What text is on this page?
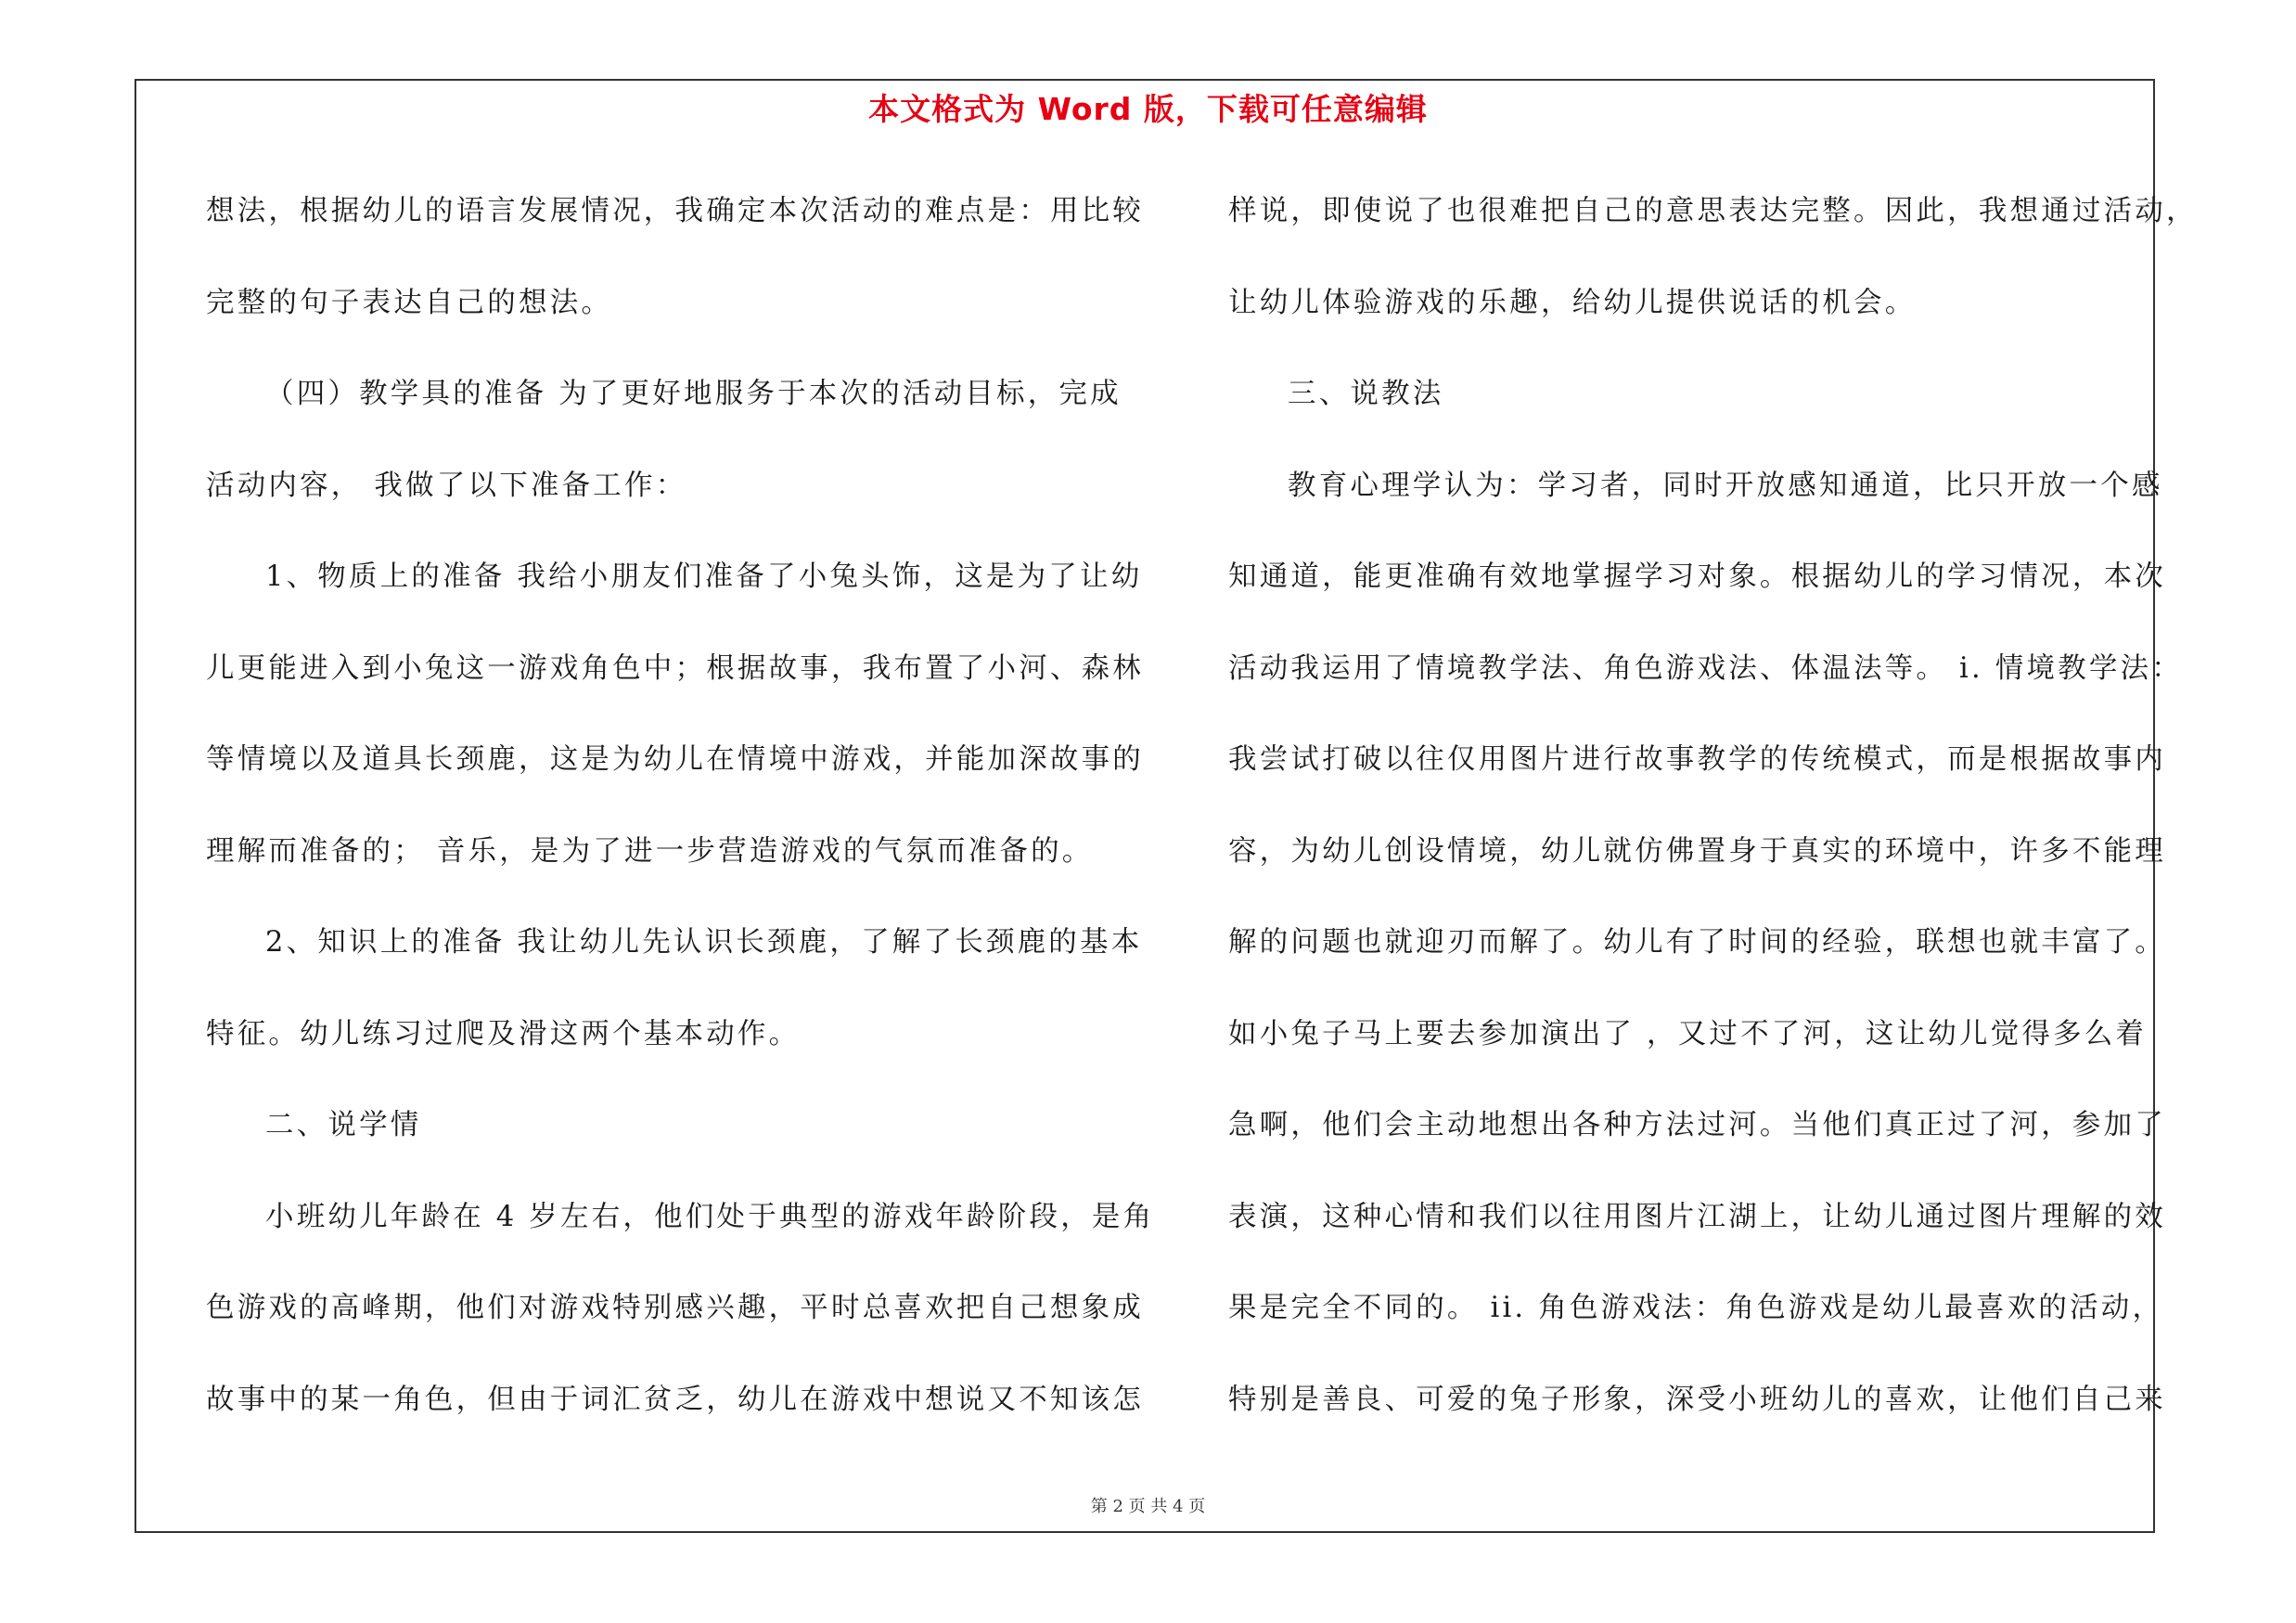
本文格式为 Word 版，下载可任意编辑
想法，根据幼儿的语言发展情况，我确定本次活动的难点是：用比较
完整的句子表达自己的想法。
（四）教学具的准备 为了更好地服务于本次的活动目标，完成
活动内容， 我做了以下准备工作：
1、物质上的准备 我给小朋友们准备了小兔头饰，这是为了让幼
儿更能进入到小兔这一游戏角色中；根据故事，我布置了小河、森林
等情境以及道具长颈鹿，这是为幼儿在情境中游戏，并能加深故事的
理解而准备的； 音乐，是为了进一步营造游戏的气氛而准备的。
2、知识上的准备 我让幼儿先认识长颈鹿，了解了长颈鹿的基本
特征。幼儿练习过爬及滑这两个基本动作。
二、说学情
小班幼儿年龄在 4 岁左右，他们处于典型的游戏年龄阶段，是角
色游戏的高峰期，他们对游戏特别感兴趣，平时总喜欢把自己想象成
故事中的某一角色，但由于词汇贫乏，幼儿在游戏中想说又不知该怎
样说，即使说了也很难把自己的意思表达完整。因此，我想通过活动，
让幼儿体验游戏的乐趣，给幼儿提供说话的机会。
三、说教法
教育心理学认为：学习者，同时开放感知通道，比只开放一个感
知通道，能更准确有效地掌握学习对象。根据幼儿的学习情况，本次
活动我运用了情境教学法、角色游戏法、体温法等。 i. 情境教学法：
我尝试打破以往仅用图片进行故事教学的传统模式，而是根据故事内
容，为幼儿创设情境，幼儿就仿佛置身于真实的环境中，许多不能理
解的问题也就迎刃而解了。幼儿有了时间的经验，联想也就丰富了。
如小兔子马上要去参加演出了 ，又过不了河，这让幼儿觉得多么着
急啊，他们会主动地想出各种方法过河。当他们真正过了河，参加了
表演，这种心情和我们以往用图片江湖上，让幼儿通过图片理解的效
果是完全不同的。 ii. 角色游戏法：角色游戏是幼儿最喜欢的活动，
特别是善良、可爱的兔子形象，深受小班幼儿的喜欢，让他们自己来
第 2 页 共 4 页
